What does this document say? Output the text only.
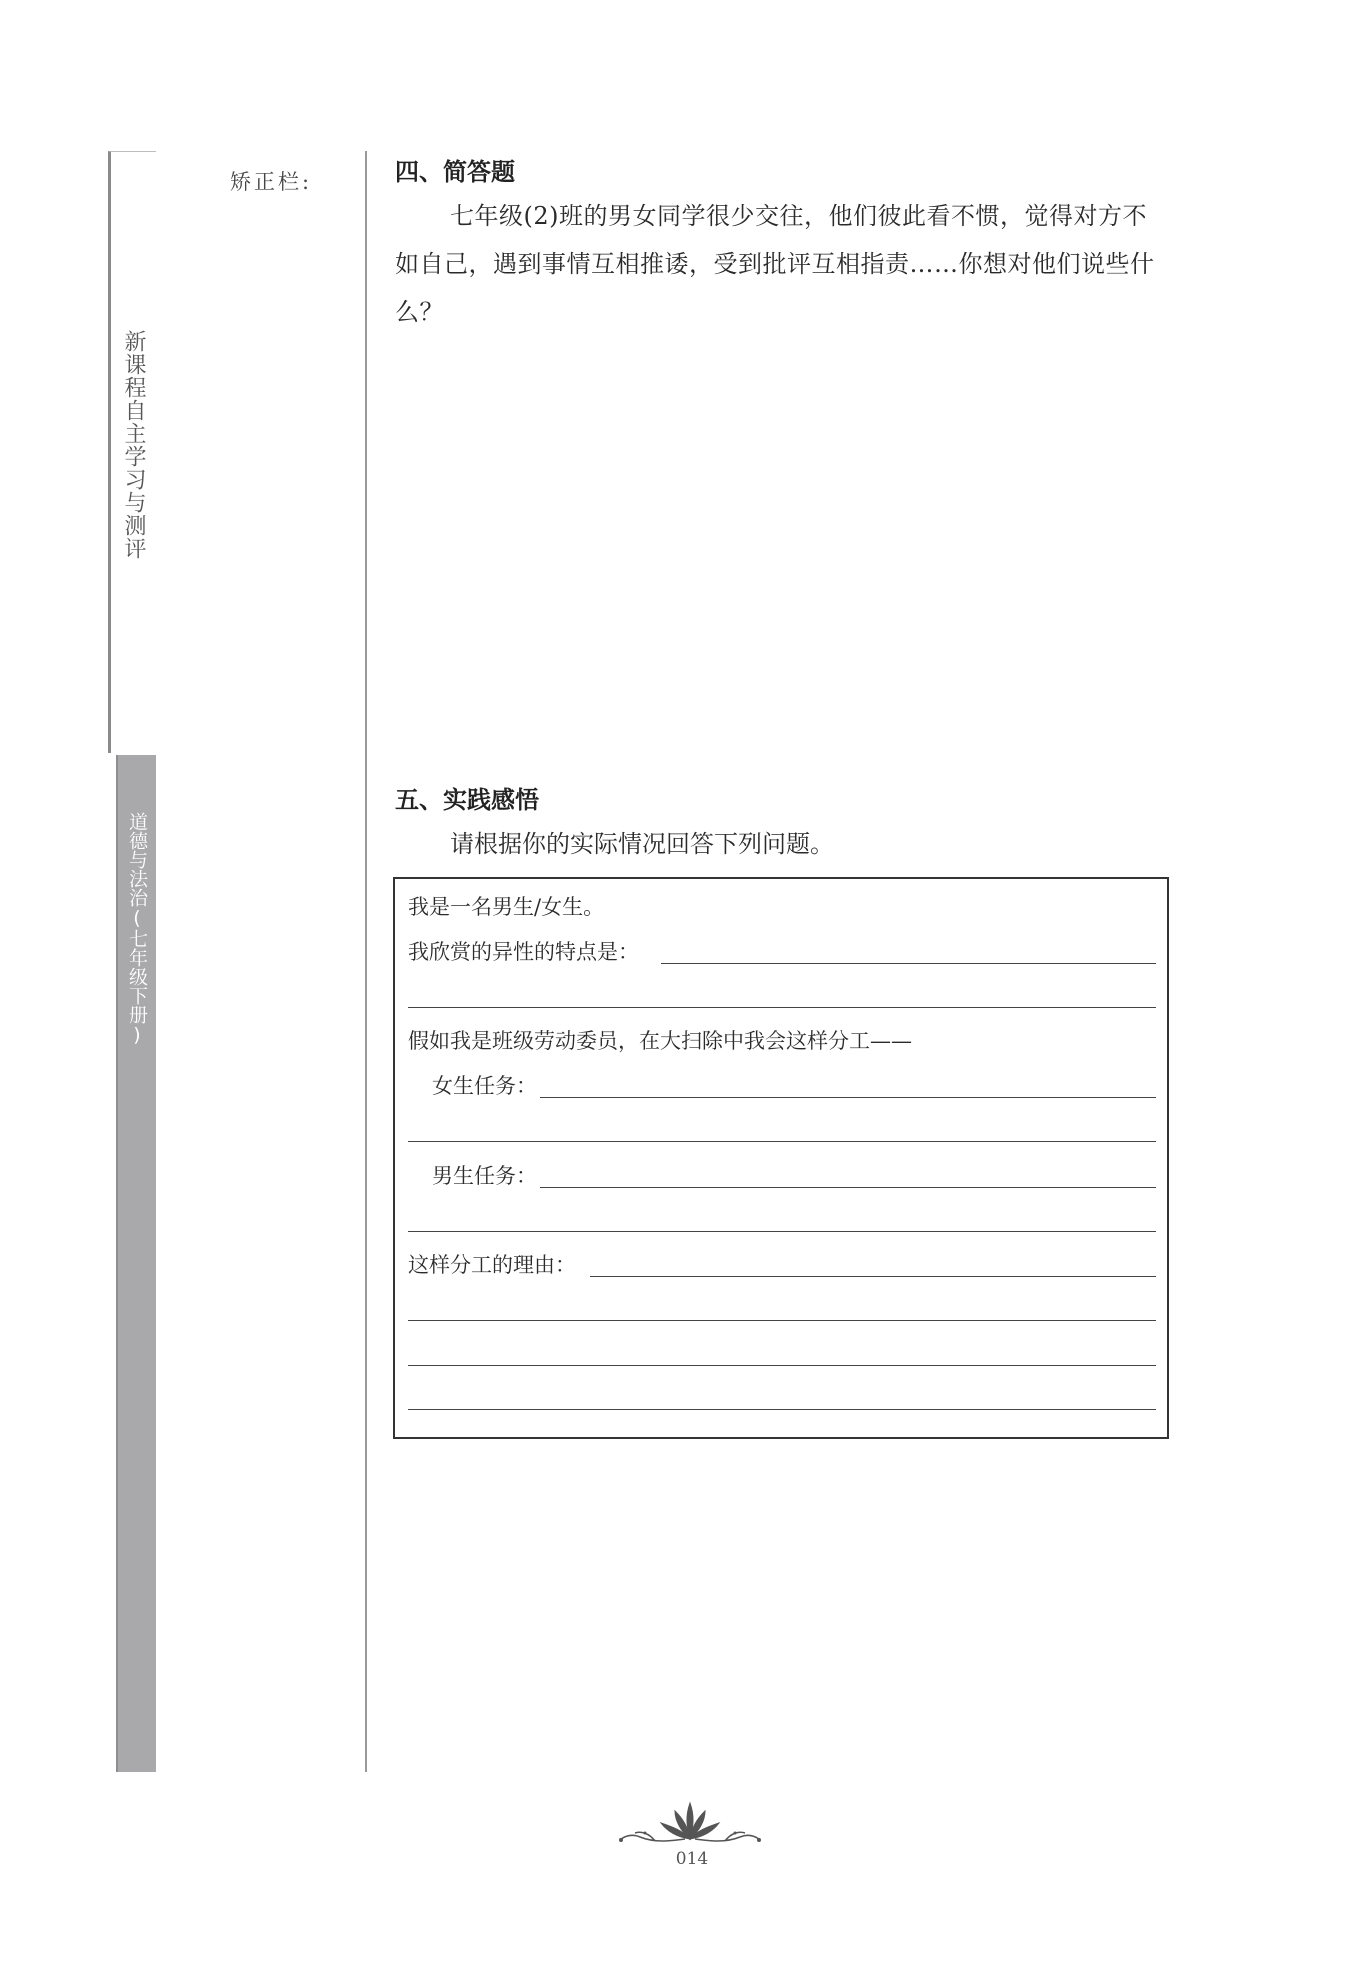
新课程自主学习与测评
道德与法治(七年级下册)
矫正栏:	四、简答题
七年级(2)班的男女同学很少交往，他们彼此看不惯，觉得对方不如自己，遇到事情互相推诿，受到批评互相指责……你想对他们说些什么？
五、实践感悟
请根据你的实际情况回答下列问题。
我是一名男生/女生。
我欣赏的异性的特点是：
假如我是班级劳动委员，在大扫除中我会这样分工——
女生任务：
男生任务：
这样分工的理由：
014
